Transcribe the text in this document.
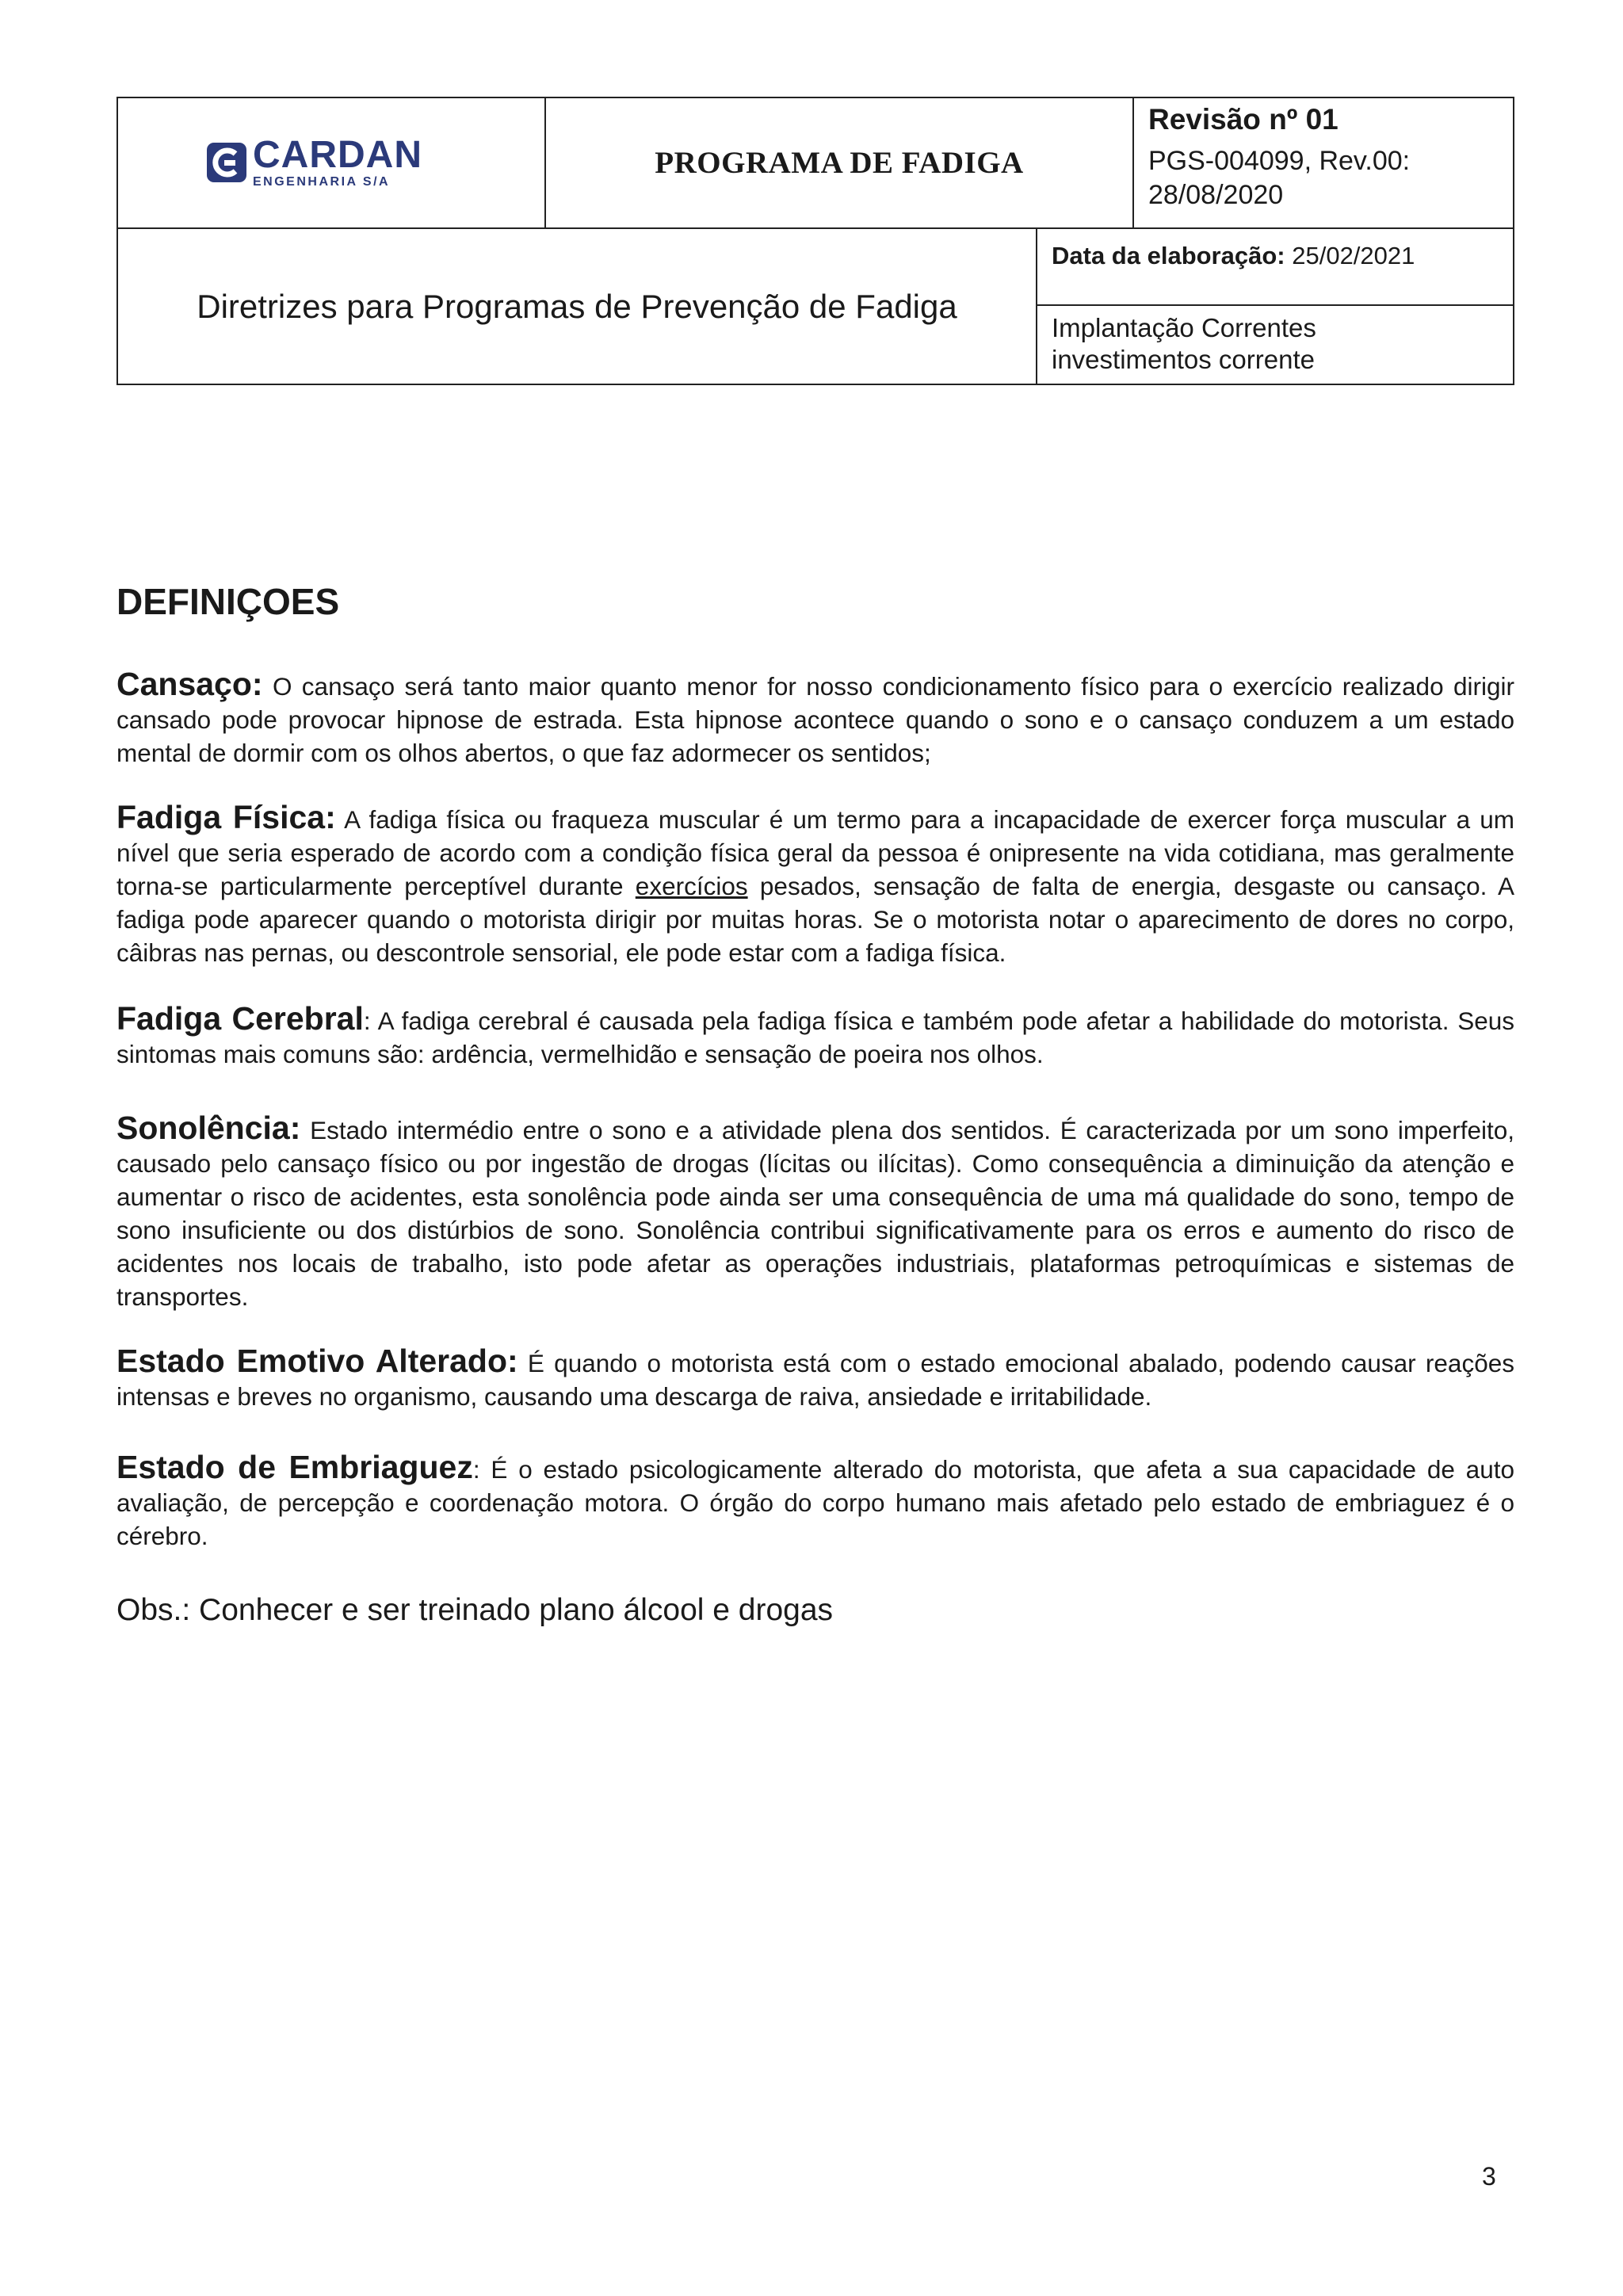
CARDAN
ENGENHARIA S/A
PROGRAMA DE FADIGA
Revisão nº 01
PGS-004099, Rev.00:
28/08/2020
Diretrizes para Programas de Prevenção de Fadiga
Data da elaboração: 25/02/2021
Implantação Correntes
investimentos corrente
DEFINIÇOES
Cansaço: O cansaço será tanto maior quanto menor for nosso condicionamento físico para o exercício realizado dirigir cansado pode provocar hipnose de estrada. Esta hipnose acontece quando o sono e o cansaço conduzem a um estado mental de dormir com os olhos abertos, o que faz adormecer os sentidos;
Fadiga Física: A fadiga física ou fraqueza muscular é um termo para a incapacidade de exercer força muscular a um nível que seria esperado de acordo com a condição física geral da pessoa é onipresente na vida cotidiana, mas geralmente torna-se particularmente perceptível durante exercícios pesados, sensação de falta de energia, desgaste ou cansaço. A fadiga pode aparecer quando o motorista dirigir por muitas horas. Se o motorista notar o aparecimento de dores no corpo, câibras nas pernas, ou descontrole sensorial, ele pode estar com a fadiga física.
Fadiga Cerebral: A fadiga cerebral é causada pela fadiga física e também pode afetar a habilidade do motorista. Seus sintomas mais comuns são: ardência, vermelhidão e sensação de poeira nos olhos.
Sonolência: Estado intermédio entre o sono e a atividade plena dos sentidos. É caracterizada por um sono imperfeito, causado pelo cansaço físico ou por ingestão de drogas (lícitas ou ilícitas). Como consequência a diminuição da atenção e aumentar o risco de acidentes, esta sonolência pode ainda ser uma consequência de uma má qualidade do sono, tempo de sono insuficiente ou dos distúrbios de sono. Sonolência contribui significativamente para os erros e aumento do risco de acidentes nos locais de trabalho, isto pode afetar as operações industriais, plataformas petroquímicas e sistemas de transportes.
Estado Emotivo Alterado: É quando o motorista está com o estado emocional abalado, podendo causar reações intensas e breves no organismo, causando uma descarga de raiva, ansiedade e irritabilidade.
Estado de Embriaguez: É o estado psicologicamente alterado do motorista, que afeta a sua capacidade de auto avaliação, de percepção e coordenação motora. O órgão do corpo humano mais afetado pelo estado de embriaguez é o cérebro.
Obs.: Conhecer e ser treinado plano álcool e drogas
3
